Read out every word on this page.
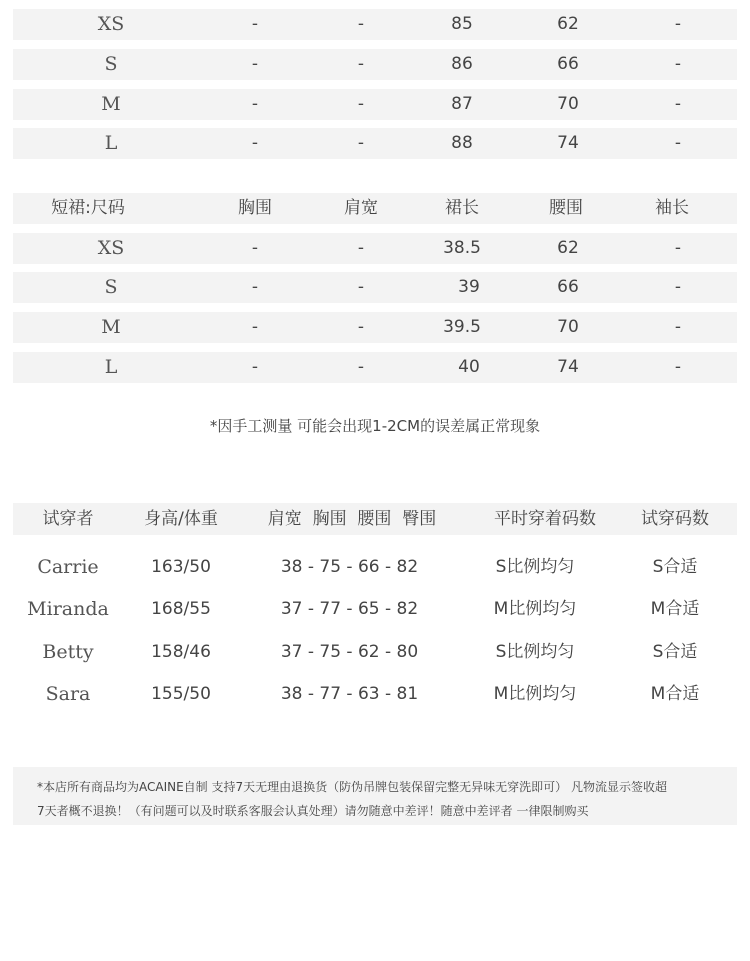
XS	-	-	85	62	-
S	-	-	86	66	-
M	-	-	87	70	-
L	-	-	88	74	-
短裙:尺码	胸围	肩宽	裙长	腰围	袖长
XS	-	-	38.5	62	-
S	-	-	39	66	-
M	-	-	39.5	70	-
L	-	-	40	74	-
*因手工测量 可能会出现1-2CM的误差属正常现象
试穿者	身高/体重	肩宽  胸围  腰围  臀围	平时穿着码数	试穿码数
Carrie	163/50	38 - 75 - 66 - 82	S比例均匀	S合适
Miranda	168/55	37 - 77 - 65 - 82	M比例均匀	M合适
Betty	158/46	37 - 75 - 62 - 80	S比例均匀	S合适
Sara	155/50	38 - 77 - 63 - 81	M比例均匀	M合适
*本店所有商品均为ACAINE自制 支持7天无理由退换货（防伪吊牌包装保留完整无异味无穿洗即可） 凡物流显示签收超
7天者概不退换！（有问题可以及时联系客服会认真处理）请勿随意中差评！随意中差评者 一律限制购买
